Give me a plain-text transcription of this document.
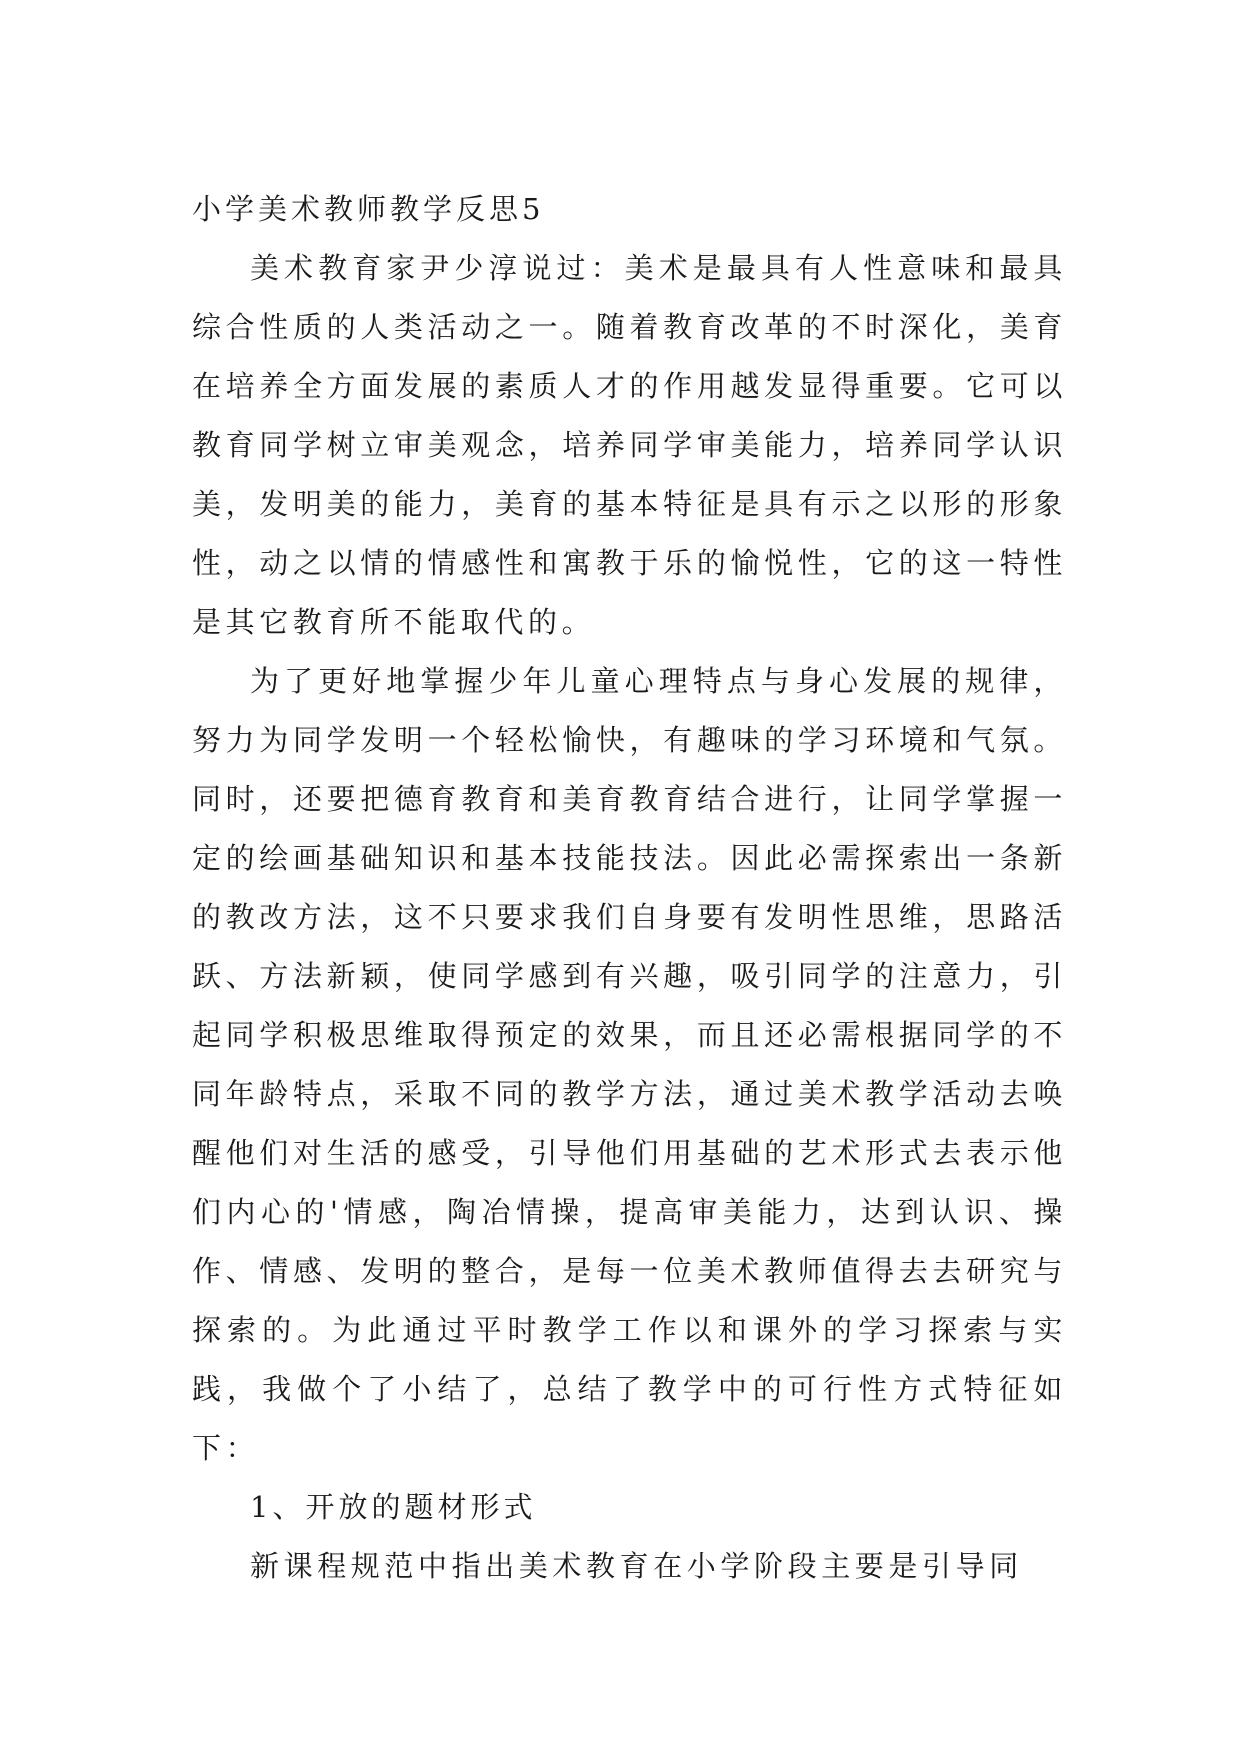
小学美术教师教学反思5

美术教育家尹少淳说过：美术是最具有人性意味和最具综合性质的人类活动之一。随着教育改革的不时深化，美育在培养全方面发展的素质人才的作用越发显得重要。它可以教育同学树立审美观念，培养同学审美能力，培养同学认识美，发明美的能力，美育的基本特征是具有示之以形的形象性，动之以情的情感性和寓教于乐的愉悦性，它的这一特性是其它教育所不能取代的。

为了更好地掌握少年儿童心理特点与身心发展的规律，努力为同学发明一个轻松愉快，有趣味的学习环境和气氛。同时，还要把德育教育和美育教育结合进行，让同学掌握一定的绘画基础知识和基本技能技法。因此必需探索出一条新的教改方法，这不只要求我们自身要有发明性思维，思路活跃、方法新颖，使同学感到有兴趣，吸引同学的注意力，引起同学积极思维取得预定的效果，而且还必需根据同学的不同年龄特点，采取不同的教学方法，通过美术教学活动去唤醒他们对生活的感受，引导他们用基础的艺术形式去表示他们内心的'情感，陶冶情操，提高审美能力，达到认识、操作、情感、发明的整合，是每一位美术教师值得去去研究与探索的。为此通过平时教学工作以和课外的学习探索与实践，我做个了小结了，总结了教学中的可行性方式特征如下：

1、开放的题材形式

新课程规范中指出美术教育在小学阶段主要是引导同
